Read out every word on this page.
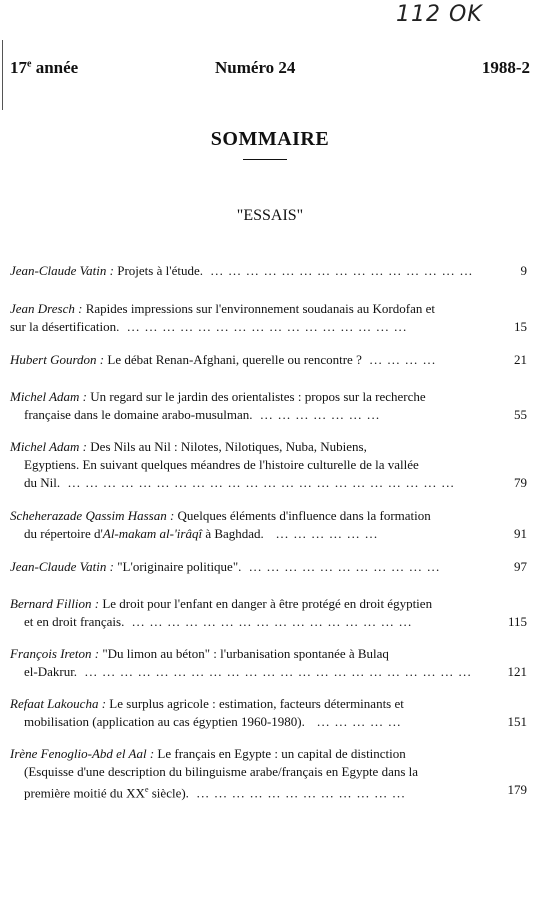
112 OK
17e année	Numéro 24	1988-2
SOMMAIRE
"ESSAIS"
Jean-Claude Vatin : Projets à l'étude.  ... ... ... ... ... ... ... ... ... ... ... ... ... ... ...	9
Jean Dresch : Rapides impressions sur l'environnement soudanais au Kordofan et
sur la désertification.  ... ... ... ... ... ... ... ... ... ... ... ... ... ... ... ...	15
Hubert Gourdon : Le débat Renan-Afghani, querelle ou rencontre ?  ... ... ... ...	21
Michel Adam : Un regard sur le jardin des orientalistes : propos sur la recherche
française dans le domaine arabo-musulman.  ... ... ... ... ... ... ...	55
Michel Adam : Des Nils au Nil : Nilotes, Nilotiques, Nuba, Nubiens,
Egyptiens. En suivant quelques méandres de l'histoire culturelle de la vallée
du Nil.  ... ... ... ... ... ... ... ... ... ... ... ... ... ... ... ... ... ... ... ... ... ...	79
Scheherazade Qassim Hassan : Quelques éléments d'influence dans la formation
du répertoire d'Al-makam al-'irâqî à Baghdad.   ... ... ... ... ... ...	91
Jean-Claude Vatin : "L'originaire politique".  ... ... ... ... ... ... ... ... ... ... ...	97
Bernard Fillion : Le droit pour l'enfant en danger à être protégé en droit égyptien
et en droit français.  ... ... ... ... ... ... ... ... ... ... ... ... ... ... ... ...	115
François Ireton : "Du limon au béton" : l'urbanisation spontanée à Bulaq
el-Dakrur.  ... ... ... ... ... ... ... ... ... ... ... ... ... ... ... ... ... ... ... ... ... ...	121
Refaat Lakoucha : Le surplus agricole : estimation, facteurs déterminants et
mobilisation (application au cas égyptien 1960-1980).   ... ... ... ... ...	151
Irène Fenoglio-Abd el Aal : Le français en Egypte : un capital de distinction
(Esquisse d'une description du bilinguisme arabe/français en Egypte dans la
première moitié du XXe siècle).  ... ... ... ... ... ... ... ... ... ... ... ...	179
